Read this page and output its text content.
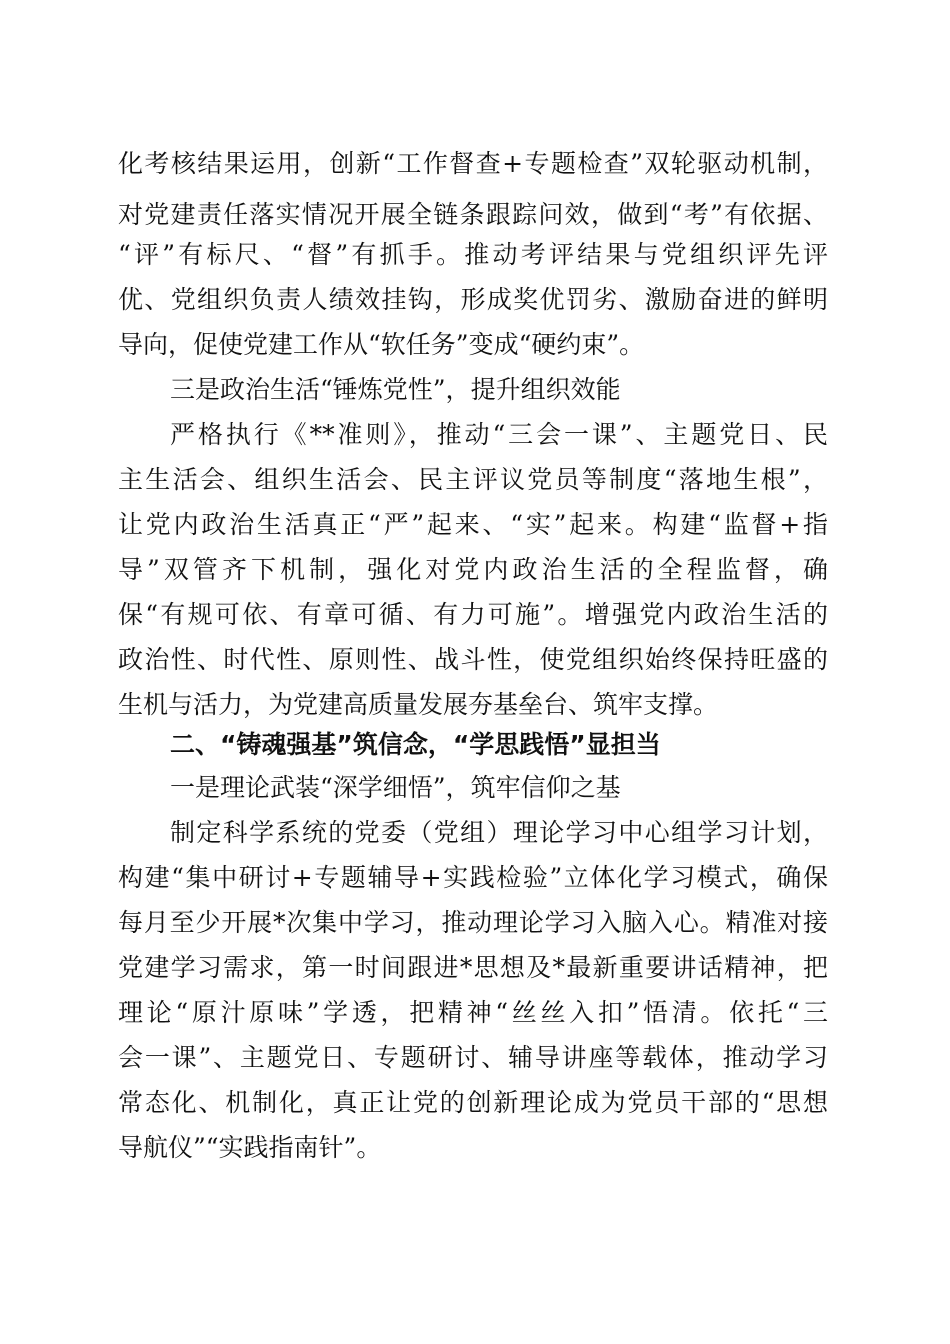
化考核结果运用，创新“工作督查+专题检查”双轮驱动机制，
对党建责任落实情况开展全链条跟踪问效，做到“考”有依据、
“评”有标尺、“督”有抓手。推动考评结果与党组织评先评
优、党组织负责人绩效挂钩，形成奖优罚劣、激励奋进的鲜明
导向，促使党建工作从“软任务”变成“硬约束”。
三是政治生活“锤炼党性”，提升组织效能
严格执行《**准则》，推动“三会一课”、主题党日、民
主生活会、组织生活会、民主评议党员等制度“落地生根”，
让党内政治生活真正“严”起来、“实”起来。构建“监督+指
导”双管齐下机制，强化对党内政治生活的全程监督，确
保“有规可依、有章可循、有力可施”。增强党内政治生活的
政治性、时代性、原则性、战斗性，使党组织始终保持旺盛的
生机与活力，为党建高质量发展夯基垒台、筑牢支撑。
二、“铸魂强基”筑信念，“学思践悟”显担当
一是理论武装“深学细悟”，筑牢信仰之基
制定科学系统的党委（党组）理论学习中心组学习计划，
构建“集中研讨+专题辅导+实践检验”立体化学习模式，确保
每月至少开展*次集中学习，推动理论学习入脑入心。精准对接
党建学习需求，第一时间跟进*思想及*最新重要讲话精神，把
理论“原汁原味”学透，把精神“丝丝入扣”悟清。依托“三
会一课”、主题党日、专题研讨、辅导讲座等载体，推动学习
常态化、机制化，真正让党的创新理论成为党员干部的“思想
导航仪”“实践指南针”。
